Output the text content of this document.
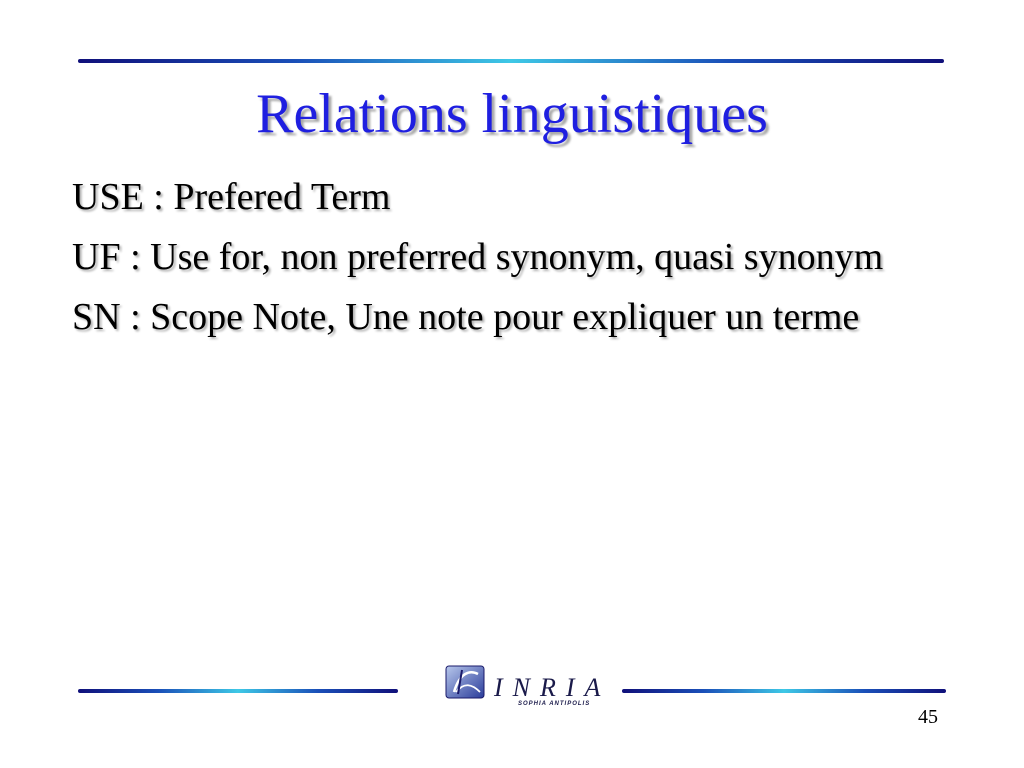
Relations linguistiques
USE : Prefered Term
UF : Use for, non preferred synonym, quasi synonym
SN : Scope Note, Une note pour expliquer un terme
INRIA
SOPHIA ANTIPOLIS
45
